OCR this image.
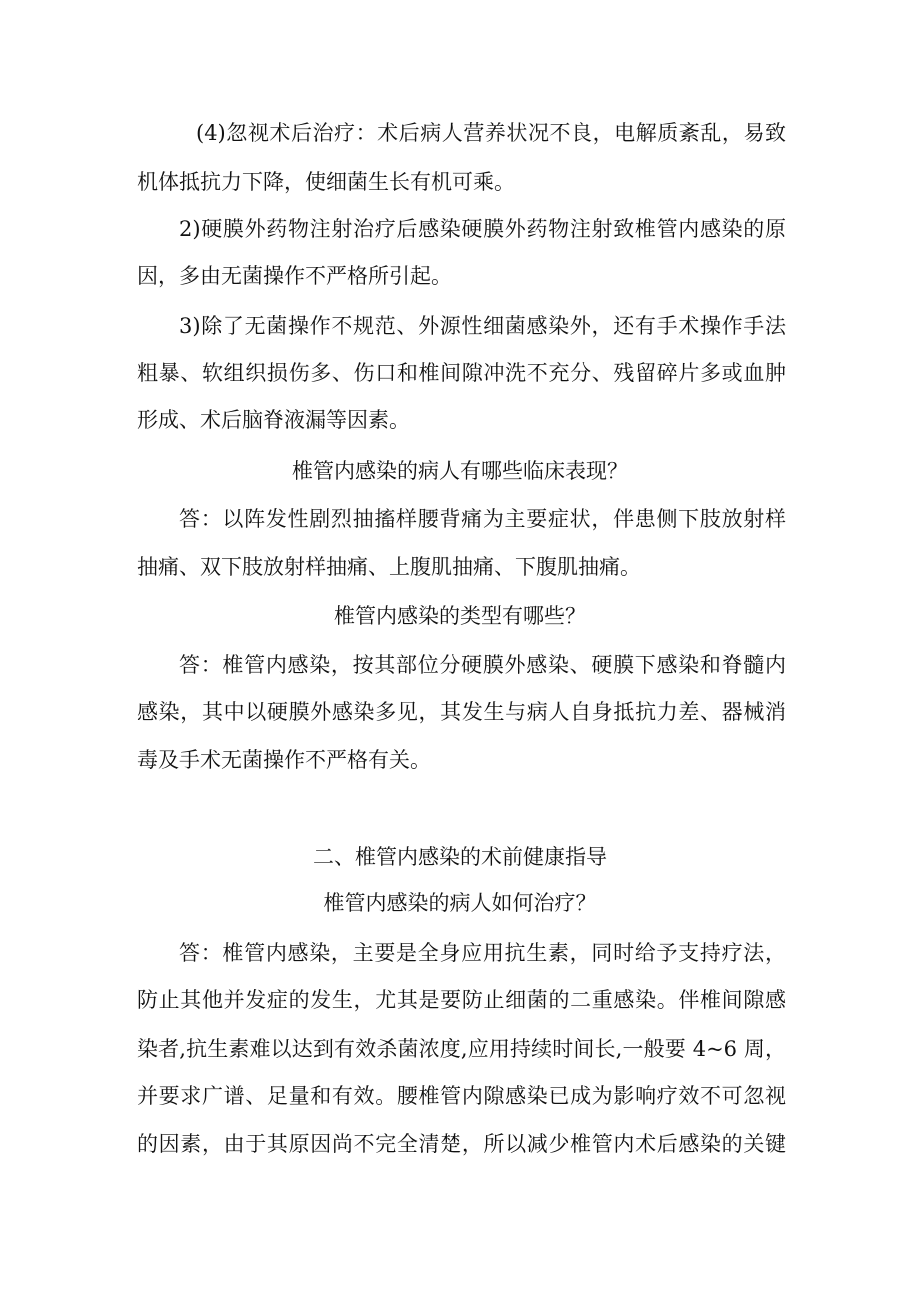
(4)忽视术后治疗：术后病人营养状况不良，电解质紊乱，易致
机体抵抗力下降，使细菌生长有机可乘。
2)硬膜外药物注射治疗后感染硬膜外药物注射致椎管内感染的原
因，多由无菌操作不严格所引起。
3)除了无菌操作不规范、外源性细菌感染外，还有手术操作手法
粗暴、软组织损伤多、伤口和椎间隙冲洗不充分、残留碎片多或血肿
形成、术后脑脊液漏等因素。
椎管内感染的病人有哪些临床表现？
答：以阵发性剧烈抽搐样腰背痛为主要症状，伴患侧下肢放射样
抽痛、双下肢放射样抽痛、上腹肌抽痛、下腹肌抽痛。
椎管内感染的类型有哪些？
答：椎管内感染，按其部位分硬膜外感染、硬膜下感染和脊髓内
感染，其中以硬膜外感染多见，其发生与病人自身抵抗力差、器械消
毒及手术无菌操作不严格有关。
二、椎管内感染的术前健康指导
椎管内感染的病人如何治疗？
答：椎管内感染，主要是全身应用抗生素，同时给予支持疗法，
防止其他并发症的发生，尤其是要防止细菌的二重感染。伴椎间隙感
染者,抗生素难以达到有效杀菌浓度,应用持续时间长,一般要 4~6 周，
并要求广谱、足量和有效。腰椎管内隙感染已成为影响疗效不可忽视
的因素，由于其原因尚不完全清楚，所以减少椎管内术后感染的关键
